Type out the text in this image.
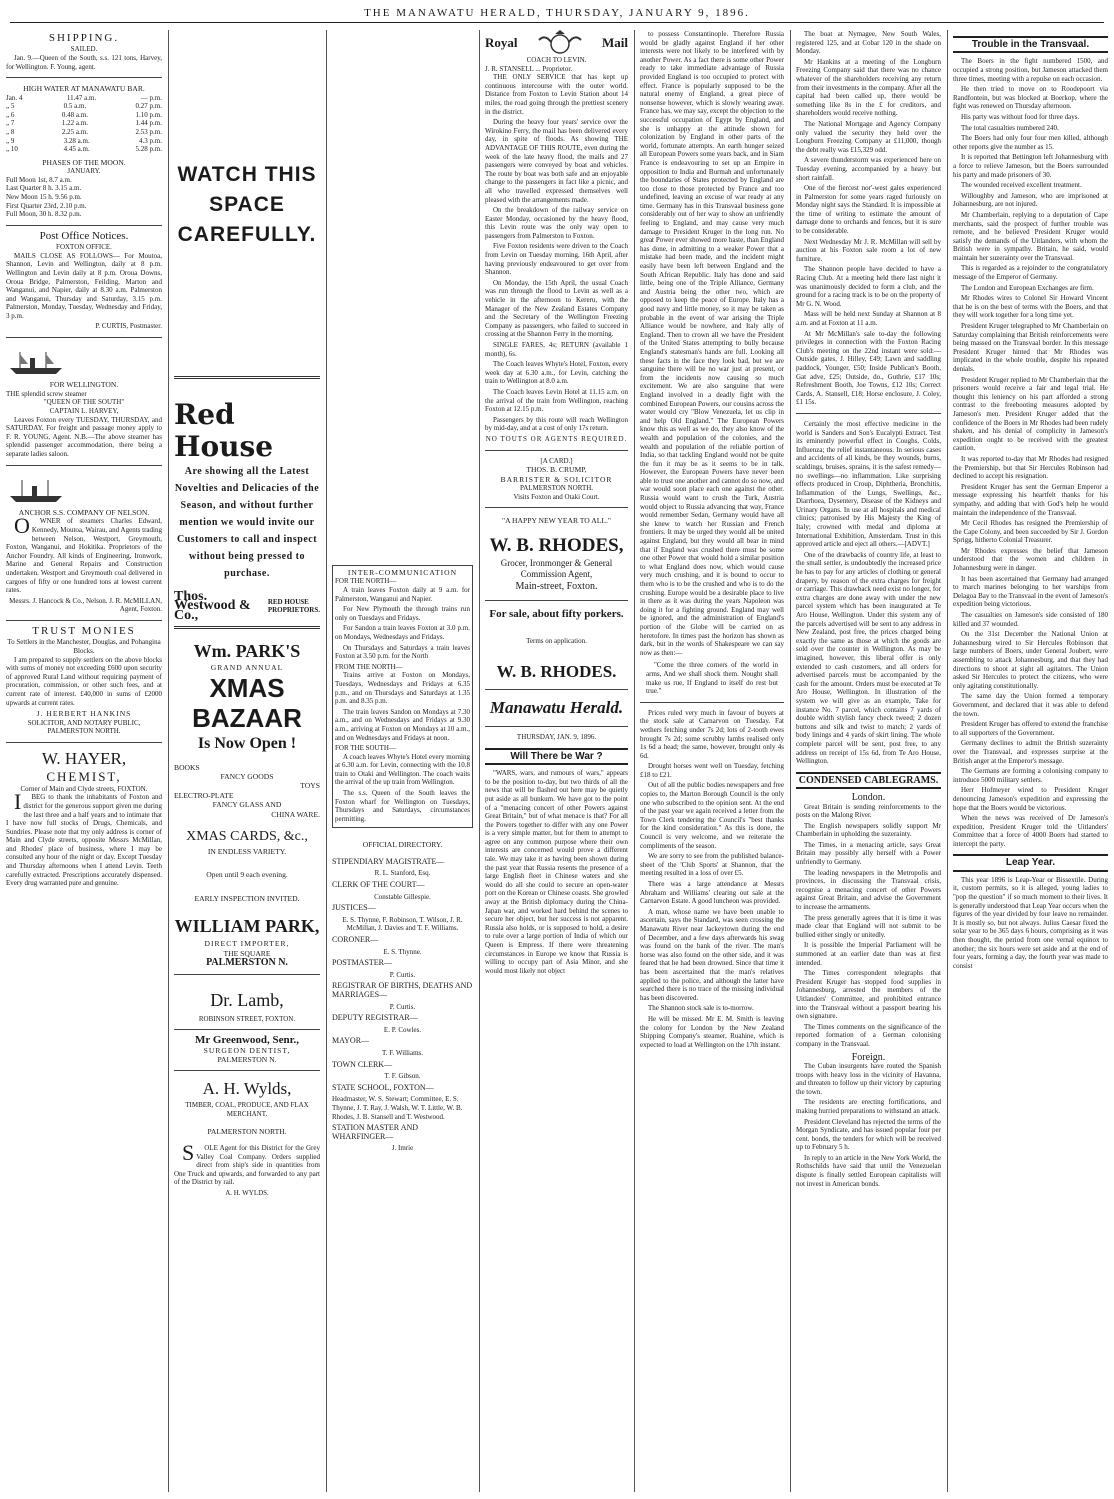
THE MANAWATU HERALD, THURSDAY, JANUARY 9, 1896.
SHIPPING.
SAILED.

Jan. 9.—Queen of the South, s.s. 121 tons, Harvey, for Wellington. F. Young, agent.

HIGH WATER AT MANAWATU BAR.
Jan. 4	11.47 a.m.	— p.m.
„ 5	0.5 a.m.	0.27 p.m.
„ 6	0.48 a.m.	1.10 p.m.
„ 7	1.22 a.m.	1.44 p.m.
„ 8	2.25 a.m.	2.53 p.m.
„ 9	3.28 a.m.	4.3 p.m.
„ 10	4.45 a.m.	5.28 p.m.
PHASES OF THE MOON.
JANUARY.
Full Moon 1st, 8.7 a.m.
Last Quarter 8 h. 3.15 a.m.
New Moon 15 h. 9.56 p.m.
First Quarter 23rd, 2.10 p.m.
Full Moon, 30 h. 8.32 p.m.
Post Office Notices.
FOXTON OFFICE.

MAILS CLOSE AS FOLLOWS— For Moutoa, Shannon, Levin and Wellington, daily at 8 p.m. Wellington and Levin daily at 8 p.m. Oroua Downs, Oroua Bridge, Palmerston, Feilding, Marton and Wanganui, and Napier, daily at 8.30 a.m. Palmerston and Wanganui, Thursday and Saturday, 3.15 p.m. Palmerston, Monday, Tuesday, Wednesday and Friday, 3 p.m.

P. CURTIS, Postmaster.
FOR WELLINGTON.
THE splendid screw steamer
"QUEEN OF THE SOUTH"
CAPTAIN L. HARVEY,

Leaves Foxton every TUESDAY, THURSDAY, and SATURDAY. For freight and passage money apply to F. R. YOUNG, Agent. N.B.—The above steamer has splendid passenger accommodation, there being a separate ladies saloon.

ANCHOR S.S. COMPANY OF NELSON.

OWNER of steamers Charles Edward, Kennedy, Moutoa, Wairau, and Agents trading between Nelson, Westport, Greymouth, Foxton, Wanganui, and Hokitika. Proprietors of the Anchor Foundry. All kinds of Engineering, Ironwork, Marine and General Repairs and Construction undertaken. Westport and Greymouth coal delivered in cargoes of fifty or one hundred tons at lowest current rates.

Messrs. J. Hancock & Co., Nelson. J. R. McMILLAN, Agent, Foxton.
TRUST MONIES
To Settlers in the Manchester, Douglas, and Pohangina Blocks.

I am prepared to supply settlers on the above blocks with sums of money not exceeding £600 upon security of approved Rural Land without requiring payment of procuration, commission, or other such fees, and at current rate of interest. £40,000 in sums of £2000 upwards at current rates.

J. HERBERT HANKINS
SOLICITOR, AND NOTARY PUBLIC, PALMERSTON NORTH.
W. HAYER,
CHEMIST,
Corner of Main and Clyde streets, FOXTON.

IBEG to thank the inhabitants of Foxton and district for the generous support given me during the last three and a half years and to intimate that I have now full stocks of Drugs, Chemicals, and Sundries. Please note that my only address is corner of Main and Clyde streets, opposite Messrs McMillan, and Rhodes' place of business, where I may be consulted any hour of the night or day. Except Tuesday and Thursday afternoons when I attend Levin. Teeth carefully extracted. Prescriptions accurately dispensed. Every drug warranted pure and genuine.

WATCH THIS SPACE CAREFULLY.
Red House
Are showing all the Latest Novelties and Delicacies of the Season, and without further mention we would invite our Customers to call and inspect without being pressed to purchase.
Thos. Westwood & Co.,
RED HOUSE PROPRIETORS.
Wm. PARK'S
GRAND ANNUAL
XMAS BAZAAR
Is Now Open !
BOOKS
FANCY GOODS
TOYS
ELECTRO-PLATE
FANCY GLASS AND
CHINA WARE.
XMAS CARDS, &c.,
IN ENDLESS VARIETY.
Open until 9 each evening.
EARLY INSPECTION INVITED.
WILLIAM PARK,
DIRECT IMPORTER,
THE SQUARE
PALMERSTON N.
Dr. Lamb,
ROBINSON STREET, FOXTON.
Mr Greenwood, Senr.,
SURGEON DENTIST,
PALMERSTON N.
A. H. Wylds,
TIMBER, COAL, PRODUCE, AND FLAX MERCHANT.
PALMERSTON NORTH.

SOLE Agent for this District for the Grey Valley Coal Company. Orders supplied direct from ship's side in quantities from One Truck and upwards, and forwarded to any part of the District by rail.

A. H. WYLDS.
INTER-COMMUNICATION
FOR THE NORTH—

A train leaves Foxton daily at 9 a.m. for Palmerston, Wanganui and Napier.

For New Plymouth the through trains run only on Tuesdays and Fridays.

For Sandon a train leaves Foxton at 3.0 p.m. on Mondays, Wednesdays and Fridays.

On Thursdays and Saturdays a train leaves Foxton at 3.50 p.m. for the North

FROM THE NORTH—

Trains arrive at Foxton on Mondays, Tuesdays, Wednesdays and Fridays at 6.35 p.m., and on Thursdays and Saturdays at 1.35 p.m. and 8.35 p.m.

The train leaves Sandon on Mondays at 7.30 a.m., and on Wednesdays and Fridays at 9.30 a.m., arriving at Foxton on Mondays at 10 a.m., and on Wednesdays and Fridays at noon.

FOR THE SOUTH—

A coach leaves Whyte's Hotel every morning at 6.30 a.m. for Levin, connecting with the 10.8 train to Otaki and Wellington. The coach waits the arrival of the up train from Wellington.

The s.s. Queen of the South leaves the Foxton wharf for Wellington on Tuesdays, Thursdays and Saturdays, circumstances permitting.

OFFICIAL DIRECTORY.
STIPENDIARY MAGISTRATE—
R. L. Stanford, Esq.
CLERK OF THE COURT—
Constable Gillespie.
JUSTICES—
E. S. Thynne, F. Robinson, T. Wilson, J. R. McMillan, J. Davies and T. F. Williams.
CORONER—
E. S. Thynne.
POSTMASTER—
P. Curtis.
REGISTRAR OF BIRTHS, DEATHS AND MARRIAGES—
P. Curtis.
DEPUTY REGISTRAR—
E. P. Cowles.
MAYOR—
T. F. Williams.
TOWN CLERK—
T. F. Gibson.
STATE SCHOOL, FOXTON—
Headmaster, W. S. Stewart; Committee, E. S. Thynne, J. T. Ray, J. Walsh, W. T. Little, W. B. Rhodes, J. B. Stansell and T. Westwood.
STATION MASTER AND WHARFINGER—
J. Imrie
Royal	Mail
COACH TO LEVIN.
J. R. STANSELL ... Proprietor.

THE ONLY SERVICE that has kept up continuous intercourse with the outer world. Distance from Foxton to Levin Station about 14 miles, the road going through the prettiest scenery in the district.

During the heavy four years' service over the Wirokino Ferry, the mail has been delivered every day, in spite of floods. As showing THE ADVANTAGE OF THIS ROUTE, even during the week of the late heavy flood, the mails and 27 passengers were conveyed by boat and vehicles. The route by boat was both safe and an enjoyable change to the passengers in fact like a picnic, and all who travelled expressed themselves well pleased with the arrangements made.

On the breakdown of the railway service on Easter Monday, occasioned by the heavy flood, this Levin route was the only way open to passengers from Palmerston to Foxton.

Five Foxton residents were driven to the Coach from Levin on Tuesday morning, 16th April, after having previously endeavoured to get over from Shannon.

On Monday, the 15th April, the usual Coach was run through the flood to Levin as well as a vehicle in the afternoon to Kereru, with the Manager of the New Zealand Estates Company and the Secretary of the Wellington Freezing Company as passengers, who failed to succeed in crossing at the Shannon Ferry in the morning.

SINGLE FARES, 4s; RETURN (available 1 month), 6s.

The Coach leaves Whyte's Hotel, Foxton, every week day at 6.30 a.m., for Levin, catching the train to Wellington at 8.0 a.m.

The Coach leaves Levin Hotel at 11.15 a.m. on the arrival of the train from Wellington, reaching Foxton at 12.15 p.m.

Passengers by this route will reach Wellington by mid-day, and at a cost of only 17s return.

NO TOUTS OR AGENTS REQUIRED.
[A CARD.]
THOS. B. CRUMP,
BARRISTER & SOLICITOR
PALMERSTON NORTH.
Visits Foxton and Otaki Court.
"A HAPPY NEW YEAR TO ALL."
W. B. RHODES,
Grocer, Ironmonger & General Commission Agent,
Main-street, Foxton.
For sale, about fifty porkers.
Terms on application.
W. B. RHODES.
Manawatu Herald.
THURSDAY, JAN. 9, 1896.
Will There be War ?

"WARS, wars, and rumours of wars," appears to be the position to-day, but two thirds of all the news that will be flashed out here may be quietly put aside as all bunkum. We have got to the point of a "menacing concert of other Powers against Great Britain," but of what menace is that? For all the Powers together to differ with any one Power is a very simple matter, but for them to attempt to agree on any common purpose where their own interests are concerned would prove a different tale. We may take it as having been shown during the past year that Russia resents the presence of a large English fleet in Chinese waters and she would do all she could to secure an open-water port on the Korean or Chinese coasts. She growled away at the British diplomacy during the China-Japan war, and worked hard behind the scenes to secure her object, but her success is not apparent. Russia also holds, or is supposed to hold, a desire to rule over a large portion of India of which our Queen is Empress. If there were threatening circumstances in Europe we know that Russia is willing to occupy part of Asia Minor, and she would most likely not object

to possess Constantinople. Therefore Russia would be gladly against England if her other interests were not likely to be interfered with by another Power. As a fact there is some other Power ready to take immediate advantage of Russia provided England is too occupied to protect with effect. France is popularly supposed to be the natural enemy of England, a great piece of nonsense however, which is slowly wearing away. France has, we may say, except the objection to the successful occupation of Egypt by England, and she is unhappy at the attitude shown for colonization by England in other parts of the world, fortunate attempts. An earth hunger seized all European Powers some years back, and in Siam France is endeavouring to set up an Empire in opposition to India and Burmah and unfortunately the boundaries of States protected by England are too close to those protected by France and too undefined, leaving an excuse of war ready at any time. Germany has in this Transvaal business gone considerably out of her way to show an unfriendly feeling to England, and may cause very much damage to President Kruger in the long run. No great Power ever showed more haste, than England has done, in admitting to a weaker Power that a mistake had been made, and the incident might easily have been left between England and the South African Republic. Italy has done and said little, being one of the Triple Alliance, Germany and Austria being the other two, which are opposed to keep the peace of Europe. Italy has a good navy and little money, so it may be taken as probable in the event of war arising the Triple Alliance would be nowhere, and Italy ally of England. Then to crown all we have the President of the United States attempting to bully because England's statesman's hands are full. Looking all these facts in the face they look bad, but we are sanguine there will be no war just at present, or from the incidents now causing so much excitement. We are also sanguine that were England involved in a deadly fight with the combined European Powers, our cousins across the water would cry "Blow Venezuela, let us clip in and help Old England." The European Powers know this as well as we do, they also know of the wealth and population of the colonies, and the wealth and population of the reliable portion of India, so that tackling England would not be quite the fun it may be as it seems to be in talk. However, the European Powers have never been able to trust one another and cannot do so now, and war would soon place each one against the other. Russia would want to crush the Turk, Austria would object to Russia advancing that way, France would remember Sedan, Germany would have all she knew to watch her Russian and French frontiers. It may be urged they would all be united against England, but they would all bear in mind that if England was crushed there must be some one other Power that would hold a similar position to what England does now, which would cause very much crushing, and it is bound to occur to them who is to be the crushed and who is to do the crushing. Europe would be a desirable place to live in there as it was during the years Napoleon was doing it for a fighting ground. England may well be ignored, and the administration of England's portion of the Globe will be carried on as heretofore. In times past the horizon has shown as dark, but in the words of Shakespeare we can say now as then:—

"Come the three corners of the world in arms, And we shall shock them. Nought shall make us rue, If England to itself do rest but true."

Prices ruled very much in favour of buyers at the stock sale at Carnarvon on Tuesday. Fat wethers fetching under 7s 2d; lots of 2-tooth ewes brought 7s 2d; some scrubby lambs realised only 1s 6d a head; the same, however, brought only 4s 6d.

Drought horses went well on Tuesday, fetching £18 to £21.

Out of all the public bodies newspapers and free copies to, the Marton Borough Council is the only one who subscribed to the opinion sent. At the end of the past year we again received a letter from the Town Clerk tendering the Council's "best thanks for the kind consideration." As this is done, the Council is very welcome, and we reiterate the compliments of the season.

We are sorry to see from the published balance-sheet of the 'Club Sports' at Shannon, that the meeting resulted in a loss of over £5.

There was a large attendance at Messrs Abraham and Williams' clearing out sale at the Carnarvon Estate. A good luncheon was provided.

A man, whose name we have been unable to ascertain, says the Standard, was seen crossing the Manawatu River near Jackeytown during the end of December, and a few days afterwards his swag was found on the bank of the river. The man's horse was also found on the other side, and it was feared that he had been drowned. Since that time it has been ascertained that the man's relatives applied to the police, and although the latter have searched there is no trace of the missing individual has been discovered.

The Shannon stock sale is to-morrow.

He will be missed. Mr E. M. Smith is leaving the colony for London by the New Zealand Shipping Company's steamer, Ruahine, which is expected to load at Wellington on the 17th instant.

The boat at Nymagee, New South Wales, registered 125, and at Cobar 120 in the shade on Monday.

Mr Hankins at a meeting of the Longburn Freezing Company said that there was no chance whatever of the shareholders receiving any return from their investments in the company. After all the capital had been called up, there would be something like 8s in the £ for creditors, and shareholders would receive nothing.

The National Mortgage and Agency Company only valued the security they held over the Longburn Freezing Company at £11,000, though the debt really was £15,329 odd.

A severe thunderstorm was experienced here on Tuesday evening, accompanied by a heavy but short rainfall.

One of the fiercest nor'-west gales experienced in Palmerston for some years raged furiously on Monday night says the Standard. It is impossible at the time of writing to estimate the amount of damage done to orchards and fences, but it is sure to be considerable.

Next Wednesday Mr J. R. McMillan will sell by auction at his Foxton sale room a lot of new furniture.

The Shannon people have decided to have a Racing Club. At a meeting held there last night it was unanimously decided to form a club, and the ground for a racing track is to be on the property of Mr G. N. Wood.

Mass will be held next Sunday at Shannon at 8 a.m. and at Foxton at 11 a.m.

At Mr McMillan's sale to-day the following privileges in connection with the Foxton Racing Club's meeting on the 22nd instant were sold:—Outside gates, J. Hilley, £49; Lawn and saddling paddock, Younger, £50; Inside Publican's Booth, Gat adve, £25; Outside, do., Guthrie, £17 10s; Refreshment Booth, Joe Towns, £12 10s; Correct Cards, A. Stansell, £18; Horse enclosure, J. Coley, £1 15s.

Certainly the most effective medicine in the world is Sanders and Son's Eucalypti Extract. Test its eminently powerful effect in Coughs, Colds, Influenza; the relief instantaneous. In serious cases and accidents of all kinds, be they wounds, burns, scaldings, bruises, sprains, it is the safest remedy—no swellings—no inflammation. Like surprising effects produced in Croup, Diphtheria, Bronchitis, Inflammation of the Lungs, Swellings, &c., Diarrhoea, Dysentery, Disease of the Kidneys and Urinary Organs. In use at all hospitals and medical clinics; patronised by His Majesty the King of Italy; crowned with medal and diploma at International Exhibition, Amsterdam. Trust in this approved article and eject all others.—[ADVT.]

One of the drawbacks of country life, at least to the small settler, is undoubtedly the increased price he has to pay for any articles of clothing or general drapery, by reason of the extra charges for freight or carriage. This drawback need exist no longer, for extra charges are done away with under the new parcel system which has been inaugurated at Te Aro House, Wellington. Under this system any of the parcels advertised will be sent to any address in New Zealand, post free, the prices charged being exactly the same as those at which the goods are sold over the counter in Wellington. As may be imagined, however, this liberal offer is only extended to cash customers, and all orders for advertised parcels must be accompanied by the cash for the amount. Orders must be executed at Te Aro House, Wellington. In illustration of the system we will give as an example, Take for instance No. 7 parcel, which contains 7 yards of double width stylish fancy check tweed; 2 dozen buttons and silk and twist to match; 2 yards of body linings and 4 yards of skirt lining. The whole complete parcel will be sent, post free, to any address on receipt of 15s 6d, from Te Aro House, Wellington.

CONDENSED CABLEGRAMS.
London.

Great Britain is sending reinforcements to the posts on the Malong River.

The English newspapers solidly support Mr Chamberlain in upholding the suzerainty.

The Times, in a menacing article, says Great Britain may possibly ally herself with a Power unfriendly to Germany.

The leading newspapers in the Metropolis and provinces, in discussing the Transvaal crisis, recognise a menacing concert of other Powers against Great Britain, and advise the Government to increase the armaments.

The press generally agrees that it is time it was made clear that England will not submit to be bullied either singly or unitedly.

It is possible the Imperial Parliament will be summoned at an earlier date than was at first intended.

The Times correspondent telegraphs that President Kruger has stopped food supplies in Johannesburg, arrested the members of the Uitlanders' Committee, and prohibited entrance into the Transvaal without a passport bearing his own signature.

The Times comments on the significance of the reported formation of a German colonising company in the Transvaal.

Foreign.

The Cuban insurgents have routed the Spanish troops with heavy loss in the vicinity of Havanna, and threaten to follow up their victory by capturing the town.

The residents are erecting fortifications, and making hurried preparations to withstand an attack.

President Cleveland has rejected the terms of the Morgan Syndicate, and has issued popular four per cent. bonds, the tenders for which will be received up to February 5 h.

In reply to an article in the New York World, the Rothschilds have said that until the Venezuelan dispute is finally settled European capitalists will not invest in American bonds.

Trouble in the Transvaal.

The Boers in the fight numbered 1500, and occupied a strong position, but Jameson attacked them three times, meeting with a repulse on each occasion.

He then tried to move on to Roodepoort via Randfontein, but was blocked at Boerkop, where the fight was renewed on Thursday afternoon.

His party was without food for three days.

The total casualties numbered 240.

The Boers had only four four men killed, although other reports give the number as 15.

It is reported that Bettington left Johannesburg with a force to relieve Jameson, but the Boers surrounded his party and made prisoners of 30.

The wounded received excellent treatment.

Willoughby and Jameson, who are imprisoned at Johannesburg, are not injured.

Mr Chamberlain, replying to a deputation of Cape merchants, said the prospect of further trouble was remote, and he believed President Kruger would satisfy the demands of the Uitlanders, with whom the British were in sympathy. Britain, he said, would maintain her suzerainty over the Transvaal.

This is regarded as a rejoinder to the congratulatory message of the Emperor of Germany.

The London and European Exchanges are firm.

Mr Rhodes wires to Colonel Sir Howard Vincent that he is on the best of terms with the Boers, and that they will work together for a long time yet.

President Kruger telegraphed to Mr Chamberlain on Saturday complaining that British reinforcements were being massed on the Transvaal border. In this message President Kruger hinted that Mr Rhodes was implicated in the whole trouble, despite his repeated denials.

President Kruger replied to Mr Chamberlain that the prisoners would receive a fair and legal trial. He thought this leniency on his part afforded a strong contrast to the freebooting measures adopted by Jameson's men. President Kruger added that the confidence of the Boers in Mr Rhodes had been rudely shaken, and his denial of complicity in Jameson's expedition ought to be received with the greatest caution.

It was reported to-day that Mr Rhodes had resigned the Premiership, but that Sir Hercules Robinson had declined to accept his resignation.

President Kruger has sent the German Emperor a message expressing his heartfelt thanks for his sympathy, and adding that with God's help he would maintain the independence of the Transvaal.

Mr Cecil Rhodes has resigned the Premiership of the Cape Colony, and been succeeded by Sir J. Gordon Sprigg, hitherto Colonial Treasurer.

Mr Rhodes expresses the belief that Jameson understood that the women and children in Johannesburg were in danger.

It has been ascertained that Germany had arranged to march marines belonging to her warships from Delagoa Bay to the Transvaal in the event of Jameson's expedition being victorious.

The casualties on Jameson's side consisted of 180 killed and 37 wounded.

On the 31st December the National Union at Johannesburg wired to Sir Hercules Robinson that large numbers of Boers, under General Joubert, were assembling to attack Johannesburg, and that they had directions to shoot at sight all agitators. The Union asked Sir Hercules to protect the citizens, who were only agitating constitutionally.

The same day the Union formed a temporary Government, and declared that it was able to defend the town.

President Kruger has offered to extend the franchise to all supporters of the Government.

Germany declines to admit the British suzerainty over the Transvaal, and expresses surprise at the British anger at the Emperor's message.

The Germans are forming a colonising company to introduce 5000 military settlers.

Herr Hofmeyer wired to President Kruger denouncing Jameson's expedition and expressing the hope that the Boers would be victorious.

When the news was received of Dr Jameson's expedition, President Kruger told the Uitlanders' Committee that a force of 4000 Boers had started to intercept the party.

Leap Year.

This year 1896 is Leap-Year or Bissextile. During it, custom permits, so it is alleged, young ladies to "pop the question" if so much moment to their lives. It is generally understood that Leap Year occurs when the figures of the year divided by four leave no remainder. It is mostly so, but not always. Julius Caesar fixed the solar year to be 365 days 6 hours, comprising as it was then thought, the period from one vernal equinox to another; the six hours were set aside and at the end of four years, forming a day, the fourth year was made to consist
